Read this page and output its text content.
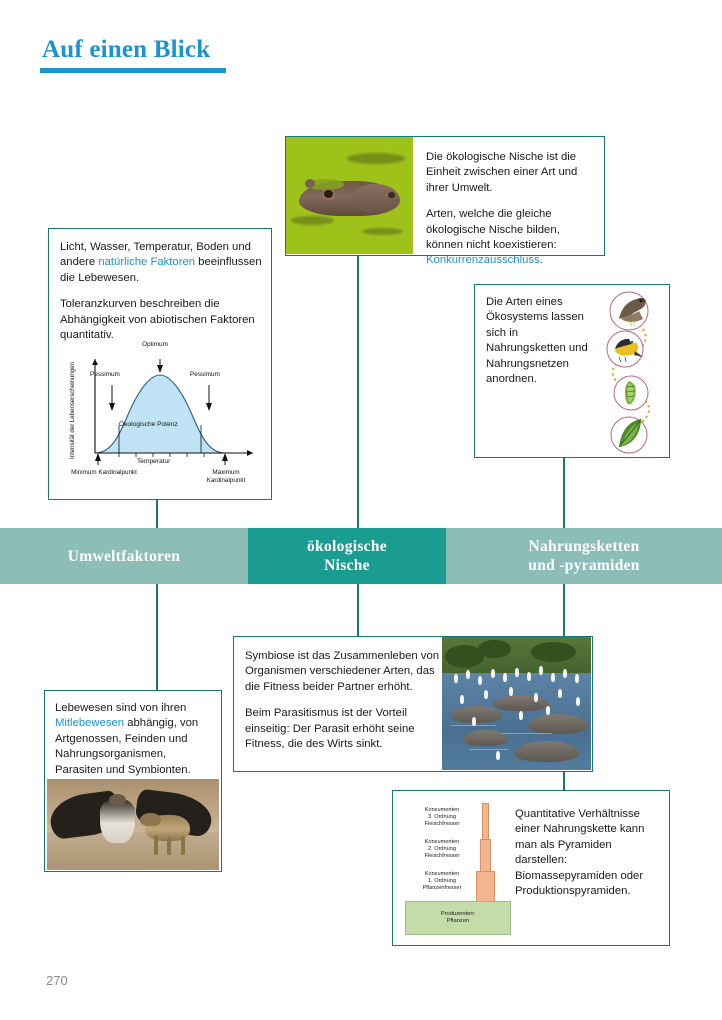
Auf einen Blick

Die ökologische Nische ist die Einheit zwischen einer Art und ihrer Umwelt.

Arten, welche die gleiche ökologische Nische bilden, können nicht koexistieren: Konkurrenzausschluss.

Licht, Wasser, Temperatur, Boden und andere natürliche Faktoren beeinflussen die Lebewesen.

Toleranzkurven beschreiben die Abhängigkeit von abiotischen Faktoren quantitativ.

Intensität der Lebenserscheinungen
Optimum
Pessimum	Pessimum
Ökologische Potenz
Temperatur
Minimum Kardinalpunkt	Maximum Kardinalpunkt

Die Arten eines Ökosystems lassen sich in Nahrungsketten und Nahrungsnetzen anordnen.

Umweltfaktoren
ökologische
Nische
Nahrungsketten
und -pyramiden

Symbiose ist das Zusammenleben von Organismen verschiedener Arten, das die Fitness beider Partner erhöht.

Beim Parasitismus ist der Vorteil einseitig: Der Parasit erhöht seine Fitness, die des Wirts sinkt.

Lebewesen sind von ihren Mitlebewesen abhängig, von Artgenossen, Feinden und Nahrungsorganismen, Parasiten und Symbionten.

Konsumenten
3. Ordnung
Fleischfresser
Konsumenten
2. Ordnung
Fleischfresser
Konsumenten
1. Ordnung
Pflanzenfresser
Produzenten:
Pflanzen

Quantitative Verhältnisse einer Nahrungskette kann man als Pyramiden darstellen:

Biomassepyramiden oder Produktionspyramiden.

270
